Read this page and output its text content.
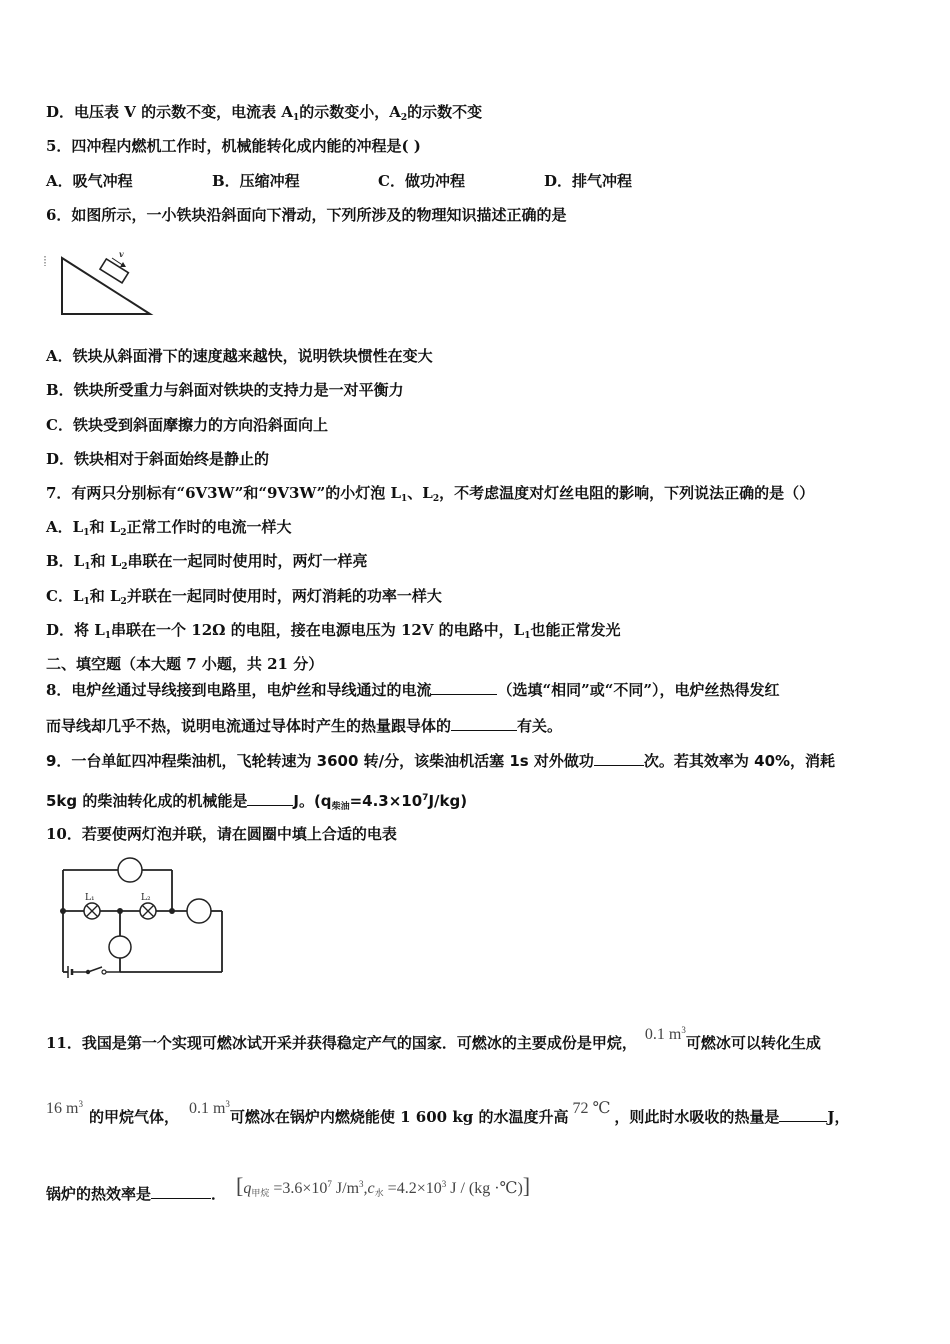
D．电压表 V 的示数不变，电流表 $A_1$的示数变小，$A_2$的示数不变
5．四冲程内燃机工作时，机械能转化成内能的冲程是( )
A．吸气冲程	B．压缩冲程	C．做功冲程	D．排气冲程
6．如图所示，一小铁块沿斜面向下滑动，下列所涉及的物理知识描述正确的是
v
A．铁块从斜面滑下的速度越来越快，说明铁块惯性在变大
B．铁块所受重力与斜面对铁块的支持力是一对平衡力
C．铁块受到斜面摩擦力的方向沿斜面向上
D．铁块相对于斜面始终是静止的
7．有两只分别标有“6V3W”和“9V3W”的小灯泡 $L_1$、$L_2$，不考虑温度对灯丝电阻的影响，下列说法正确的是（）
A．$L_1$和 $L_2$正常工作时的电流一样大
B．$L_1$和 $L_2$串联在一起同时使用时，两灯一样亮
C．$L_1$和 $L_2$并联在一起同时使用时，两灯消耗的功率一样大
D．将 $L_1$串联在一个 12Ω 的电阻，接在电源电压为 12V 的电路中，$L_1$也能正常发光
二、填空题（本大题 7 小题，共 21 分）
8．电炉丝通过导线接到电路里，电炉丝和导线通过的电流	（选填“相同”或“不同”），电炉丝热得发红
而导线却几乎不热，说明电流通过导体时产生的热量跟导体的	有关。
9．一台单缸四冲程柴油机，飞轮转速为 3600 转/分，该柴油机活塞 1s 对外做功	次。若其效率为 40%，消耗
5kg 的柴油转化成的机械能是	J。$(q_{柴油}=4.3\times 10^7J/kg)$
10．若要使两灯泡并联，请在圆圈中填上合适的电表
L₁	L₂
11．我国是第一个实现可燃冰试开采并获得稳定产气的国家．可燃冰的主要成份是甲烷， 0.1 $m^3$可燃冰可以转化生成
16 $m^3$的甲烷气体， 0.1 $m^3$可燃冰在锅炉内燃烧能使 1 600 kg 的水温度升高 72 ℃ ，则此时水吸收的热量是	J，
锅炉的热效率是	． [$q_{甲烷} =3.6\times 10^7$ $J/m^3,c_水 =4.2\times 10^3$ J / (kg ·℃)]
